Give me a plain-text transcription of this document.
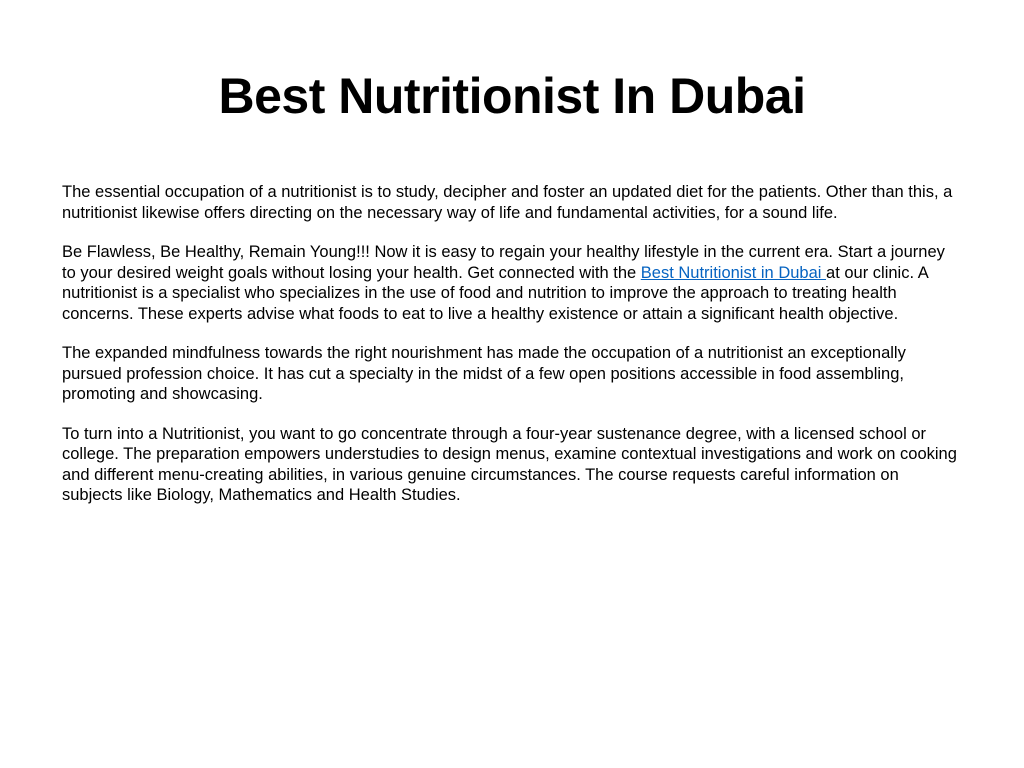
Best Nutritionist In Dubai

The essential occupation of a nutritionist is to study, decipher and foster an updated diet for the patients. Other than this, a nutritionist likewise offers directing on the necessary way of life and fundamental activities, for a sound life.

Be Flawless, Be Healthy, Remain Young!!! Now it is easy to regain your healthy lifestyle in the current era. Start a journey to your desired weight goals without losing your health. Get connected with the Best Nutritionist in Dubai at our clinic. A nutritionist is a specialist who specializes in the use of food and nutrition to improve the approach to treating health concerns. These experts advise what foods to eat to live a healthy existence or attain a significant health objective.

The expanded mindfulness towards the right nourishment has made the occupation of a nutritionist an exceptionally pursued profession choice. It has cut a specialty in the midst of a few open positions accessible in food assembling, promoting and showcasing.

To turn into a Nutritionist, you want to go concentrate through a four-year sustenance degree, with a licensed school or college. The preparation empowers understudies to design menus, examine contextual investigations and work on cooking and different menu-creating abilities, in various genuine circumstances. The course requests careful information on subjects like Biology, Mathematics and Health Studies.
